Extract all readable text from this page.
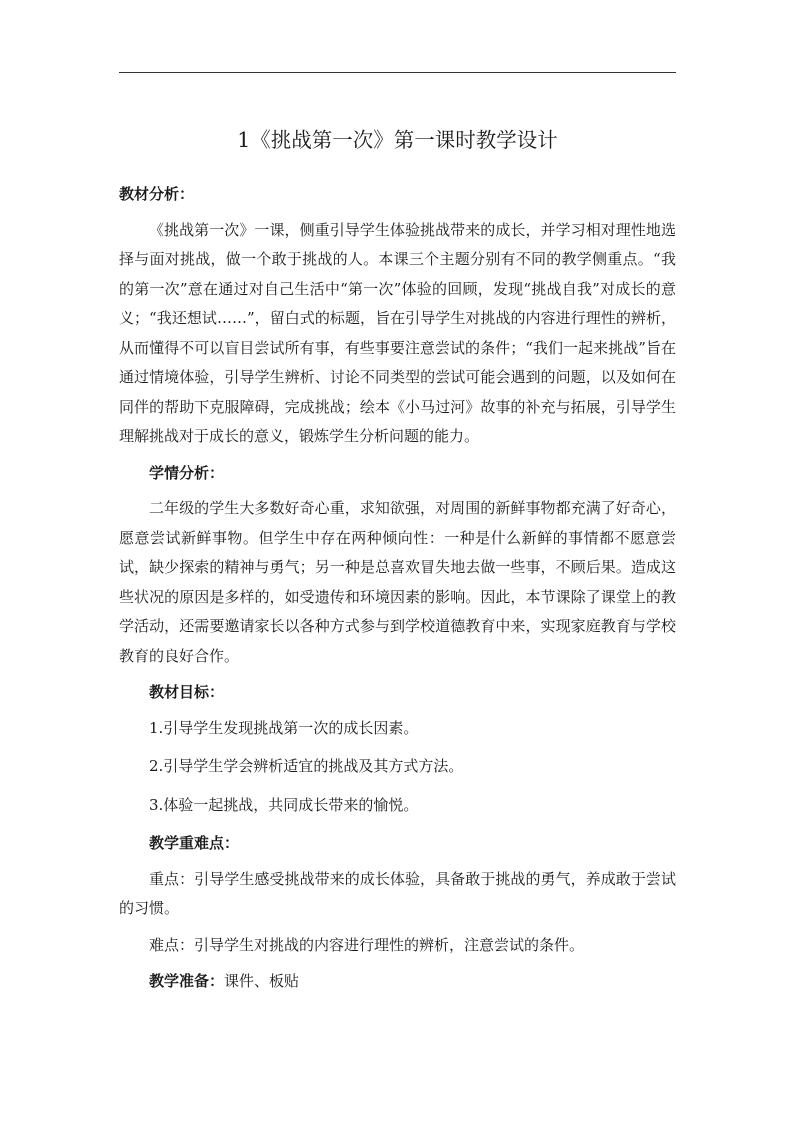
1《挑战第一次》第一课时教学设计
教材分析：

《挑战第一次》一课，侧重引导学生体验挑战带来的成长，并学习相对理性地选择与面对挑战，做一个敢于挑战的人。本课三个主题分别有不同的教学侧重点。“我的第一次”意在通过对自己生活中“第一次”体验的回顾，发现“挑战自我”对成长的意义；“我还想试……”，留白式的标题，旨在引导学生对挑战的内容进行理性的辨析，从而懂得不可以盲目尝试所有事，有些事要注意尝试的条件；“我们一起来挑战”旨在通过情境体验，引导学生辨析、讨论不同类型的尝试可能会遇到的问题，以及如何在同伴的帮助下克服障碍，完成挑战；绘本《小马过河》故事的补充与拓展，引导学生理解挑战对于成长的意义，锻炼学生分析问题的能力。

学情分析：

二年级的学生大多数好奇心重，求知欲强，对周围的新鲜事物都充满了好奇心，愿意尝试新鲜事物。但学生中存在两种倾向性：一种是什么新鲜的事情都不愿意尝试，缺少探索的精神与勇气；另一种是总喜欢冒失地去做一些事，不顾后果。造成这些状况的原因是多样的，如受遗传和环境因素的影响。因此，本节课除了课堂上的教学活动，还需要邀请家长以各种方式参与到学校道德教育中来，实现家庭教育与学校教育的良好合作。

教材目标：

1.引导学生发现挑战第一次的成长因素。

2.引导学生学会辨析适宜的挑战及其方式方法。

3.体验一起挑战，共同成长带来的愉悦。

教学重难点：

重点：引导学生感受挑战带来的成长体验，具备敢于挑战的勇气，养成敢于尝试的习惯。

难点：引导学生对挑战的内容进行理性的辨析，注意尝试的条件。

教学准备：课件、板贴
